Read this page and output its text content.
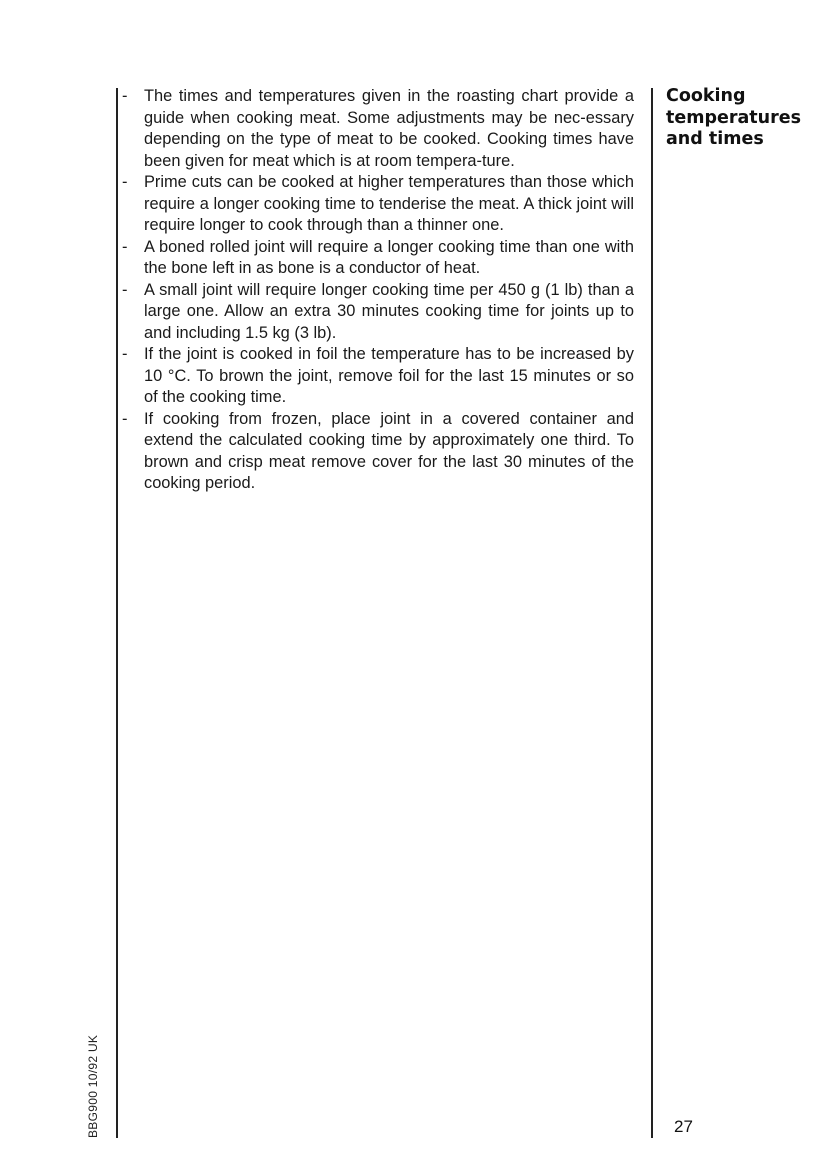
-	The times and temperatures given in the roasting chart provide a guide when cooking meat. Some adjustments may be nec-essary depending on the type of meat to be cooked. Cooking times have been given for meat which is at room tempera-ture.
-	Prime cuts can be cooked at higher temperatures than those which require a longer cooking time to tenderise the meat. A thick joint will require longer to cook through than a thinner one.
-	A boned rolled joint will require a longer cooking time than one with the bone left in as bone is a conductor of heat.
-	A small joint will require longer cooking time per 450 g (1 lb) than a large one. Allow an extra 30 minutes cooking time for joints up to and including 1.5 kg (3 lb).
-	If the joint is cooked in foil the temperature has to be increased by 10 °C. To brown the joint, remove foil for the last 15 minutes or so of the cooking time.
-	If cooking from frozen, place joint in a covered container and extend the calculated cooking time by approximately one third. To brown and crisp meat remove cover for the last 30 minutes of the cooking period.
Cooking
temperatures
and times
BBG900 10/92 UK	27
